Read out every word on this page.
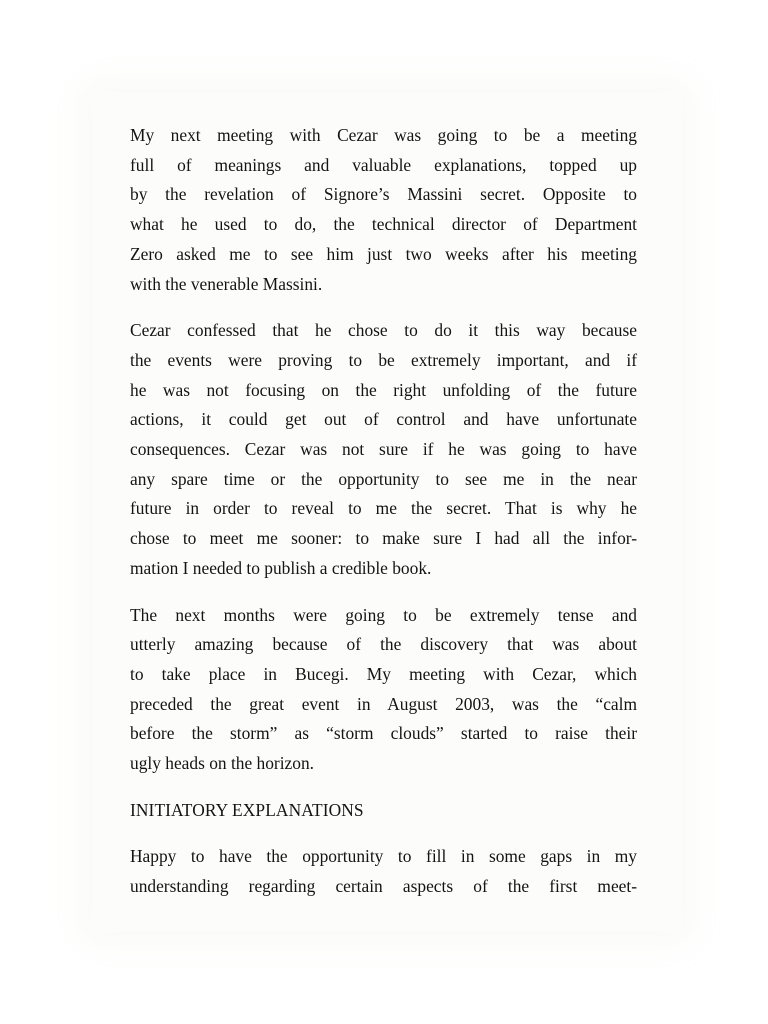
My next meeting with Cezar was going to be a meeting
full of meanings and valuable explanations, topped up
by the revelation of Signore’s Massini secret. Opposite to
what he used to do, the technical director of Department
Zero asked me to see him just two weeks after his meeting
with the venerable Massini.

Cezar confessed that he chose to do it this way because
the events were proving to be extremely important, and if
he was not focusing on the right unfolding of the future
actions, it could get out of control and have unfortunate
consequences. Cezar was not sure if he was going to have
any spare time or the opportunity to see me in the near
future in order to reveal to me the secret. That is why he
chose to meet me sooner: to make sure I had all the infor-
mation I needed to publish a credible book.

The next months were going to be extremely tense and
utterly amazing because of the discovery that was about
to take place in Bucegi. My meeting with Cezar, which
preceded the great event in August 2003, was the “calm
before the storm” as “storm clouds” started to raise their
ugly heads on the horizon.

INITIATORY EXPLANATIONS

Happy to have the opportunity to fill in some gaps in my
understanding regarding certain aspects of the first meet-
